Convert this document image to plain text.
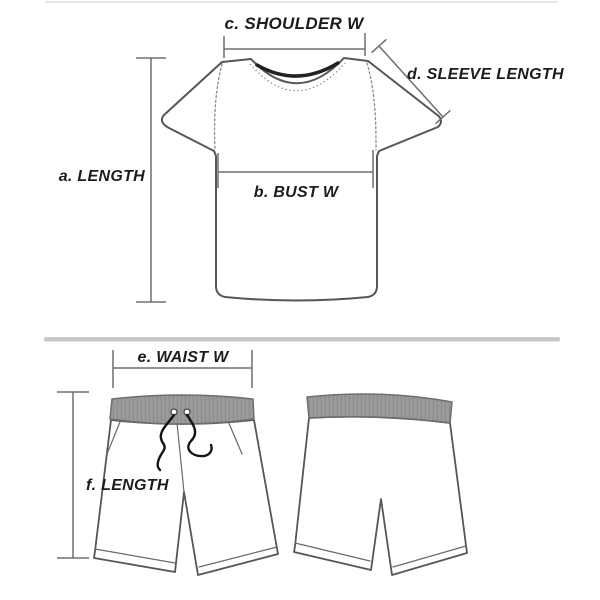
a. LENGTH
c. SHOULDER W
b. BUST W
d. SLEEVE LENGTH
e. WAIST W
f. LENGTH
